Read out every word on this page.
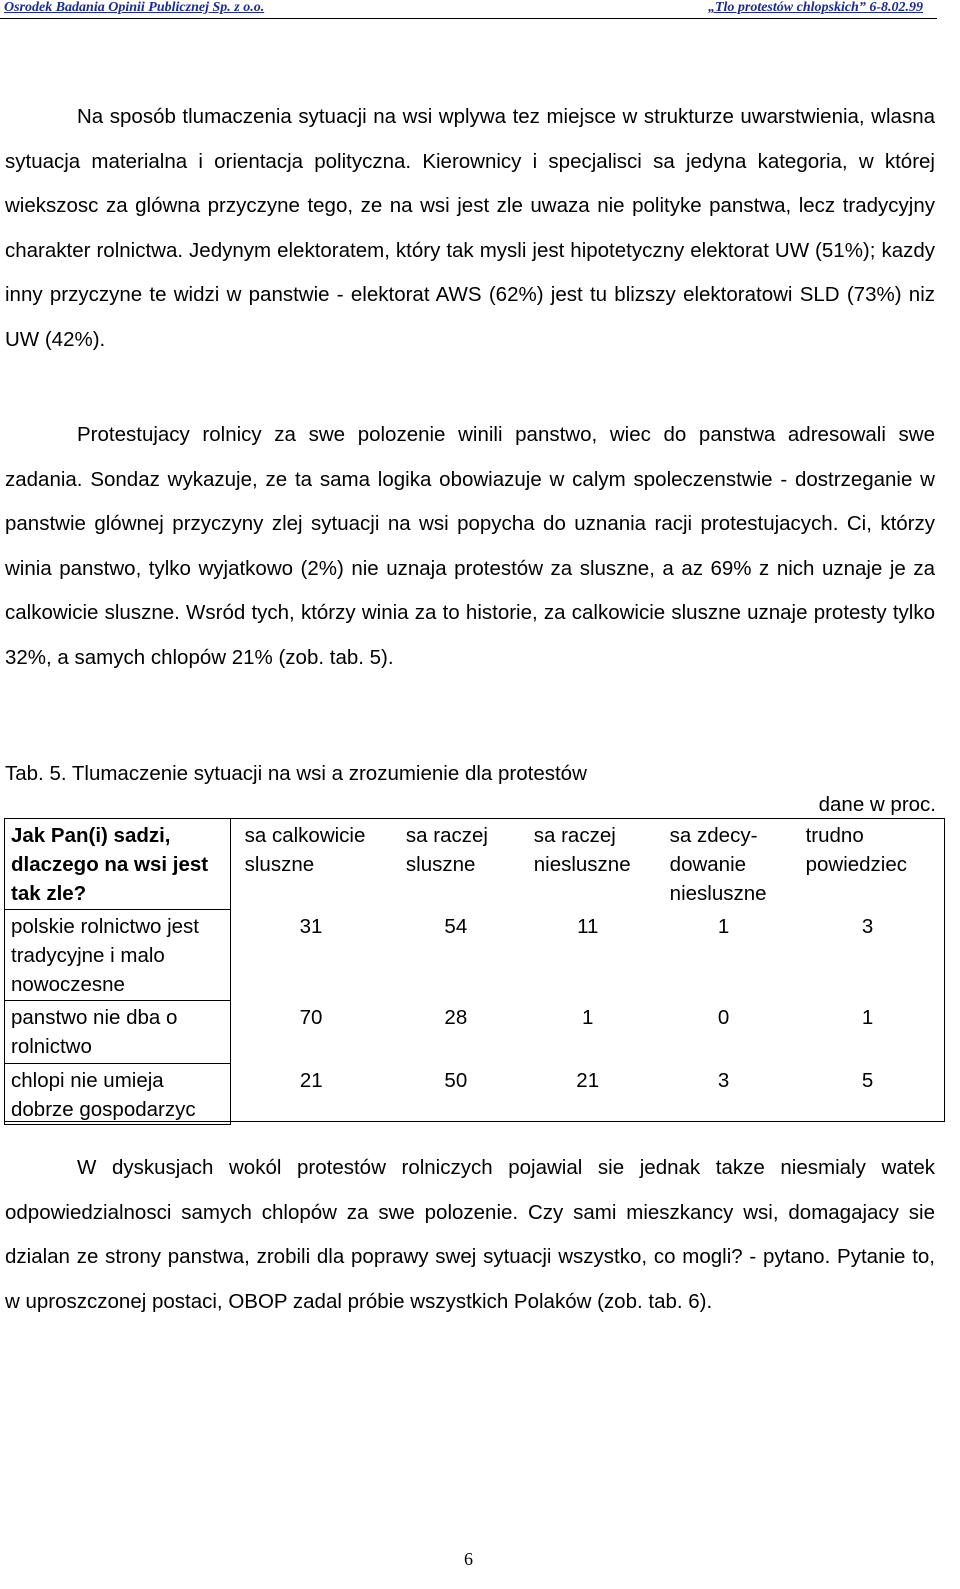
Osrodek Badania Opinii Publicznej Sp. z o.o.	„Tlo protestów chlopskich” 6-8.02.99

Na sposób tlumaczenia sytuacji na wsi wplywa tez miejsce w strukturze uwarstwienia, wlasna sytuacja materialna i orientacja polityczna. Kierownicy i specjalisci sa jedyna kategoria, w której wiekszosc za glówna przyczyne tego, ze na wsi jest zle uwaza nie polityke panstwa, lecz tradycyjny charakter rolnictwa. Jedynym elektoratem, który tak mysli jest hipotetyczny elektorat UW (51%); kazdy inny przyczyne te widzi w panstwie - elektorat AWS (62%) jest tu blizszy elektoratowi SLD (73%) niz UW (42%).

Protestujacy rolnicy za swe polozenie winili panstwo, wiec do panstwa adresowali swe zadania. Sondaz wykazuje, ze ta sama logika obowiazuje w calym spoleczenstwie - dostrzeganie w panstwie glównej przyczyny zlej sytuacji na wsi popycha do uznania racji protestujacych. Ci, którzy winia panstwo, tylko wyjatkowo (2%) nie uznaja protestów za sluszne, a az 69% z nich uznaje je za calkowicie sluszne. Wsród tych, którzy winia za to historie, za calkowicie sluszne uznaje protesty tylko 32%, a samych chlopów 21% (zob. tab. 5).

Tab. 5. Tlumaczenie sytuacji na wsi a zrozumienie dla protestów
dane w proc.
Jak Pan(i) sadzi, dlaczego na wsi jest tak zle?	sa calkowicie sluszne	sa raczej sluszne	sa raczej niesluszne	sa zdecy-dowanie niesluszne	trudno powiedziec
polskie rolnictwo jest tradycyjne i malo nowoczesne	31	54	11	1	3
panstwo nie dba o rolnictwo	70	28	1	0	1
chlopi nie umieja dobrze gospodarzyc	21	50	21	3	5

W dyskusjach wokól protestów rolniczych pojawial sie jednak takze niesmialy watek odpowiedzialnosci samych chlopów za swe polozenie. Czy sami mieszkancy wsi, domagajacy sie dzialan ze strony panstwa, zrobili dla poprawy swej sytuacji wszystko, co mogli? - pytano. Pytanie to, w uproszczonej postaci, OBOP zadal próbie wszystkich Polaków (zob. tab. 6).

6
